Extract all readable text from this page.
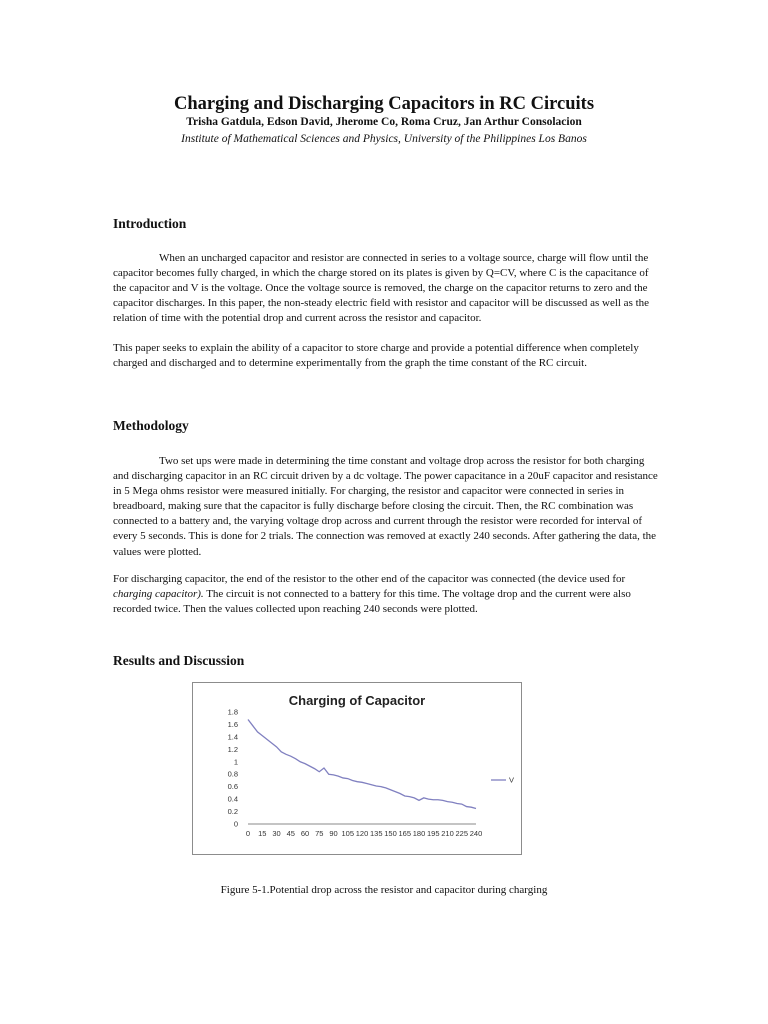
Charging and Discharging Capacitors in RC Circuits
Trisha Gatdula, Edson David, Jherome Co, Roma Cruz, Jan Arthur Consolacion
Institute of Mathematical Sciences and Physics, University of the Philippines Los Banos
Introduction

When an uncharged capacitor and resistor are connected in series to a voltage source, charge will flow until the capacitor becomes fully charged, in which the charge stored on its plates is given by Q=CV, where C is the capacitance of the capacitor and V is the voltage. Once the voltage source is removed, the charge on the capacitor returns to zero and the capacitor discharges. In this paper, the non-steady electric field with resistor and capacitor will be discussed as well as the relation of time with the potential drop and current across the resistor and capacitor.

This paper seeks to explain the ability of a capacitor to store charge and provide a potential difference when completely charged and discharged and to determine experimentally from the graph the time constant of the RC circuit.

Methodology

Two set ups were made in determining the time constant and voltage drop across the resistor for both charging and discharging capacitor in an RC circuit driven by a dc voltage. The power capacitance in a 20uF capacitor and resistance in 5 Mega ohms resistor were measured initially. For charging, the resistor and capacitor were connected in series in breadboard, making sure that the capacitor is fully discharge before closing the circuit. Then, the RC combination was connected to a battery and, the varying voltage drop across and current through the resistor were recorded for interval of every 5 seconds. This is done for 2 trials. The connection was removed at exactly 240 seconds. After gathering the data, the values were plotted.

For discharging capacitor, the end of the resistor to the other end of the capacitor was connected (the device used for charging capacitor). The circuit is not connected to a battery for this time. The voltage drop and the current were also recorded twice. Then the values collected upon reaching 240 seconds were plotted.

Results and Discussion
Charging of Capacitor
0
0.2
0.4
0.6
0.8
1
1.2
1.4
1.6
1.8
0 15 30 45 60 75 90 105 120 135 150 165 180 195 210 225 240
V
Figure 5-1.Potential drop across the resistor and capacitor during charging
